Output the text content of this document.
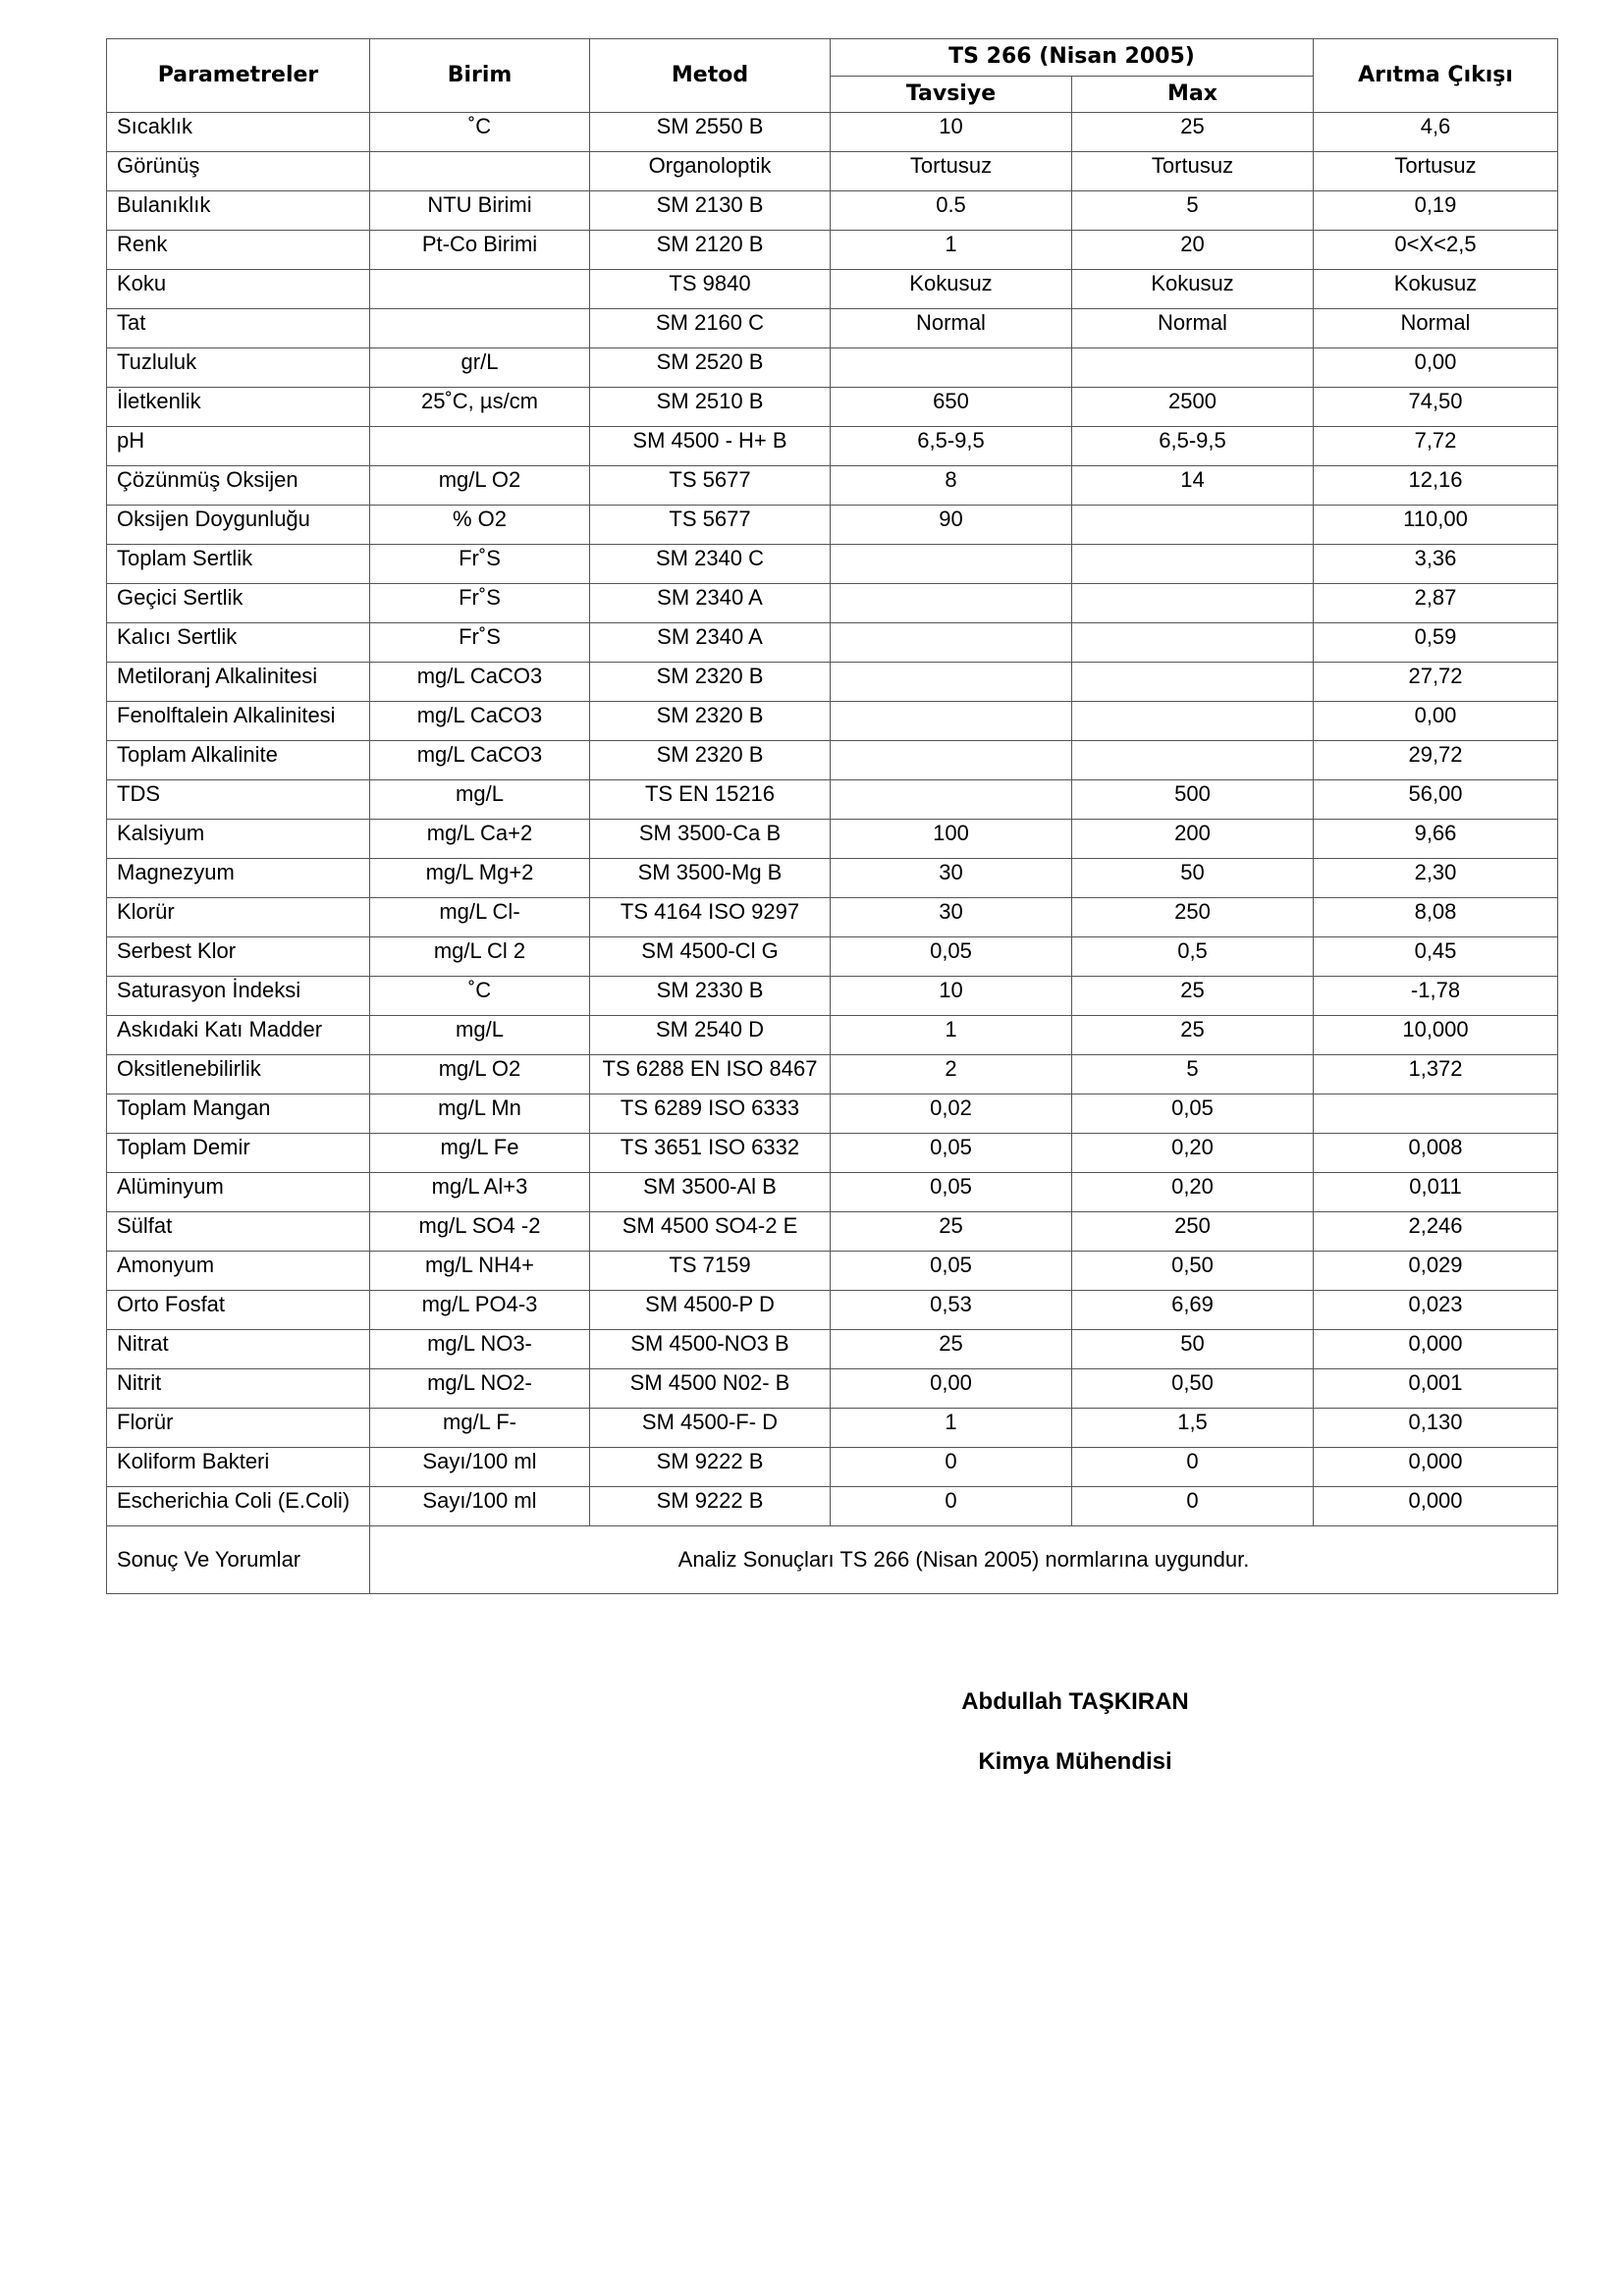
Parametreler	Birim	Metod	TS 266 (Nisan 2005)		Arıtma Çıkışı
			Tavsiye	Max	
Sıcaklık	˚C	SM 2550 B	10	25	4,6
Görünüş		Organoloptik	Tortusuz	Tortusuz	Tortusuz
Bulanıklık	NTU Birimi	SM 2130 B	0.5	5	0,19
Renk	Pt-Co Birimi	SM 2120 B	1	20	0<X<2,5
Koku		TS 9840	Kokusuz	Kokusuz	Kokusuz
Tat		SM 2160 C	Normal	Normal	Normal
Tuzluluk	gr/L	SM 2520 B			0,00
İletkenlik	25˚C, µs/cm	SM 2510 B	650	2500	74,50
pH		SM 4500 - H+ B	6,5-9,5	6,5-9,5	7,72
Çözünmüş Oksijen	mg/L O2	TS 5677	8	14	12,16
Oksijen Doygunluğu	% O2	TS 5677	90		110,00
Toplam Sertlik	Fr˚S	SM 2340 C			3,36
Geçici Sertlik	Fr˚S	SM 2340 A			2,87
Kalıcı Sertlik	Fr˚S	SM 2340 A			0,59
Metiloranj Alkalinitesi	mg/L CaCO3	SM 2320 B			27,72
Fenolftalein Alkalinitesi	mg/L CaCO3	SM 2320 B			0,00
Toplam Alkalinite	mg/L CaCO3	SM 2320 B			29,72
TDS	mg/L	TS EN 15216		500	56,00
Kalsiyum	mg/L Ca+2	SM 3500-Ca B	100	200	9,66
Magnezyum	mg/L Mg+2	SM 3500-Mg B	30	50	2,30
Klorür	mg/L Cl-	TS 4164 ISO 9297	30	250	8,08
Serbest Klor	mg/L Cl 2	SM 4500-Cl G	0,05	0,5	0,45
Saturasyon İndeksi	˚C	SM 2330 B	10	25	-1,78
Askıdaki Katı Madder	mg/L	SM 2540 D	1	25	10,000
Oksitlenebilirlik	mg/L O2	TS 6288 EN ISO 8467	2	5	1,372
Toplam Mangan	mg/L Mn	TS 6289 ISO 6333	0,02	0,05	
Toplam Demir	mg/L Fe	TS 3651 ISO 6332	0,05	0,20	0,008
Alüminyum	mg/L Al+3	SM 3500-Al B	0,05	0,20	0,011
Sülfat	mg/L SO4 -2	SM 4500 SO4-2 E	25	250	2,246
Amonyum	mg/L NH4+	TS 7159	0,05	0,50	0,029
Orto Fosfat	mg/L PO4-3	SM 4500-P D	0,53	6,69	0,023
Nitrat	mg/L NO3-	SM 4500-NO3 B	25	50	0,000
Nitrit	mg/L NO2-	SM 4500 N02- B	0,00	0,50	0,001
Florür	mg/L F-	SM 4500-F- D	1	1,5	0,130
Koliform Bakteri	Sayı/100 ml	SM 9222 B	0	0	0,000
Escherichia Coli (E.Coli)	Sayı/100 ml	SM 9222 B	0	0	0,000
Sonuç Ve Yorumlar	Analiz Sonuçları TS 266 (Nisan 2005) normlarına uygundur.				
Abdullah TAŞKIRAN
Kimya Mühendisi
